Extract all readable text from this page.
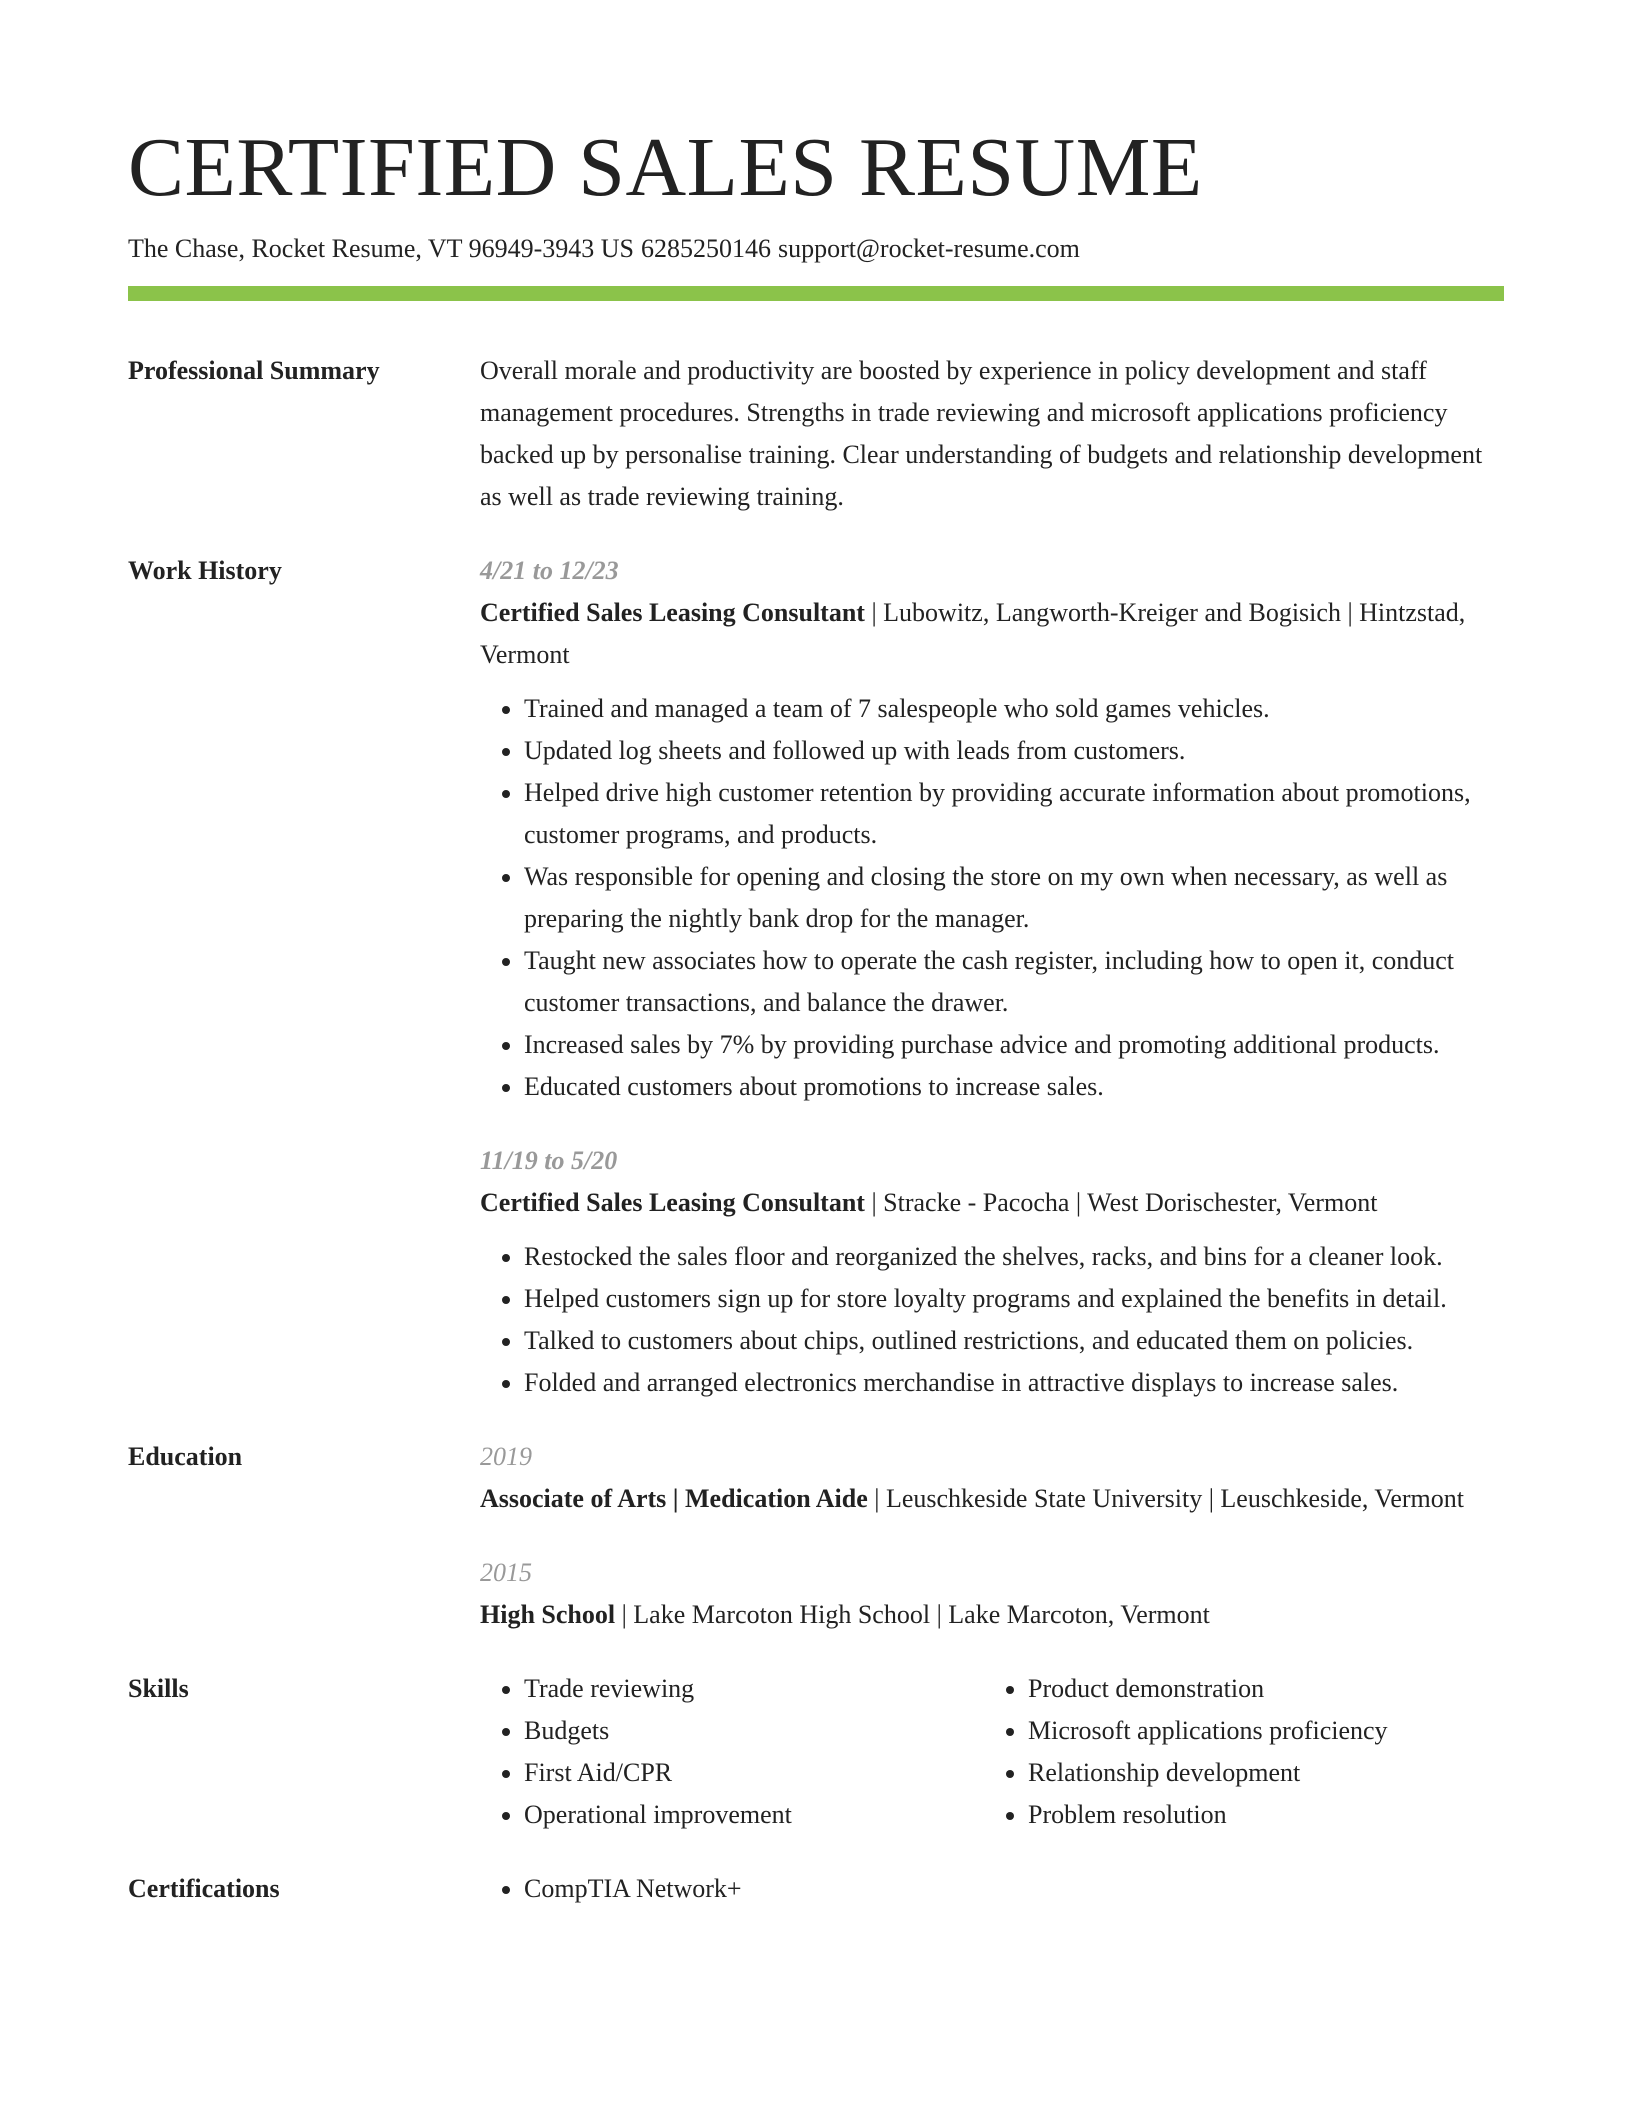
CERTIFIED SALES RESUME
The Chase, Rocket Resume, VT 96949-3943 US 6285250146 support@rocket-resume.com
Professional Summary	Overall morale and productivity are boosted by experience in policy development and staff management procedures. Strengths in trade reviewing and microsoft applications proficiency backed up by personalise training. Clear understanding of budgets and relationship development as well as trade reviewing training.

Work History	4/21 to 12/23
Certified Sales Leasing Consultant | Lubowitz, Langworth-Kreiger and Bogisich | Hintzstad, Vermont
• Trained and managed a team of 7 salespeople who sold games vehicles.
• Updated log sheets and followed up with leads from customers.
• Helped drive high customer retention by providing accurate information about promotions, customer programs, and products.
• Was responsible for opening and closing the store on my own when necessary, as well as preparing the nightly bank drop for the manager.
• Taught new associates how to operate the cash register, including how to open it, conduct customer transactions, and balance the drawer.
• Increased sales by 7% by providing purchase advice and promoting additional products.
• Educated customers about promotions to increase sales.
11/19 to 5/20
Certified Sales Leasing Consultant | Stracke - Pacocha | West Dorischester, Vermont
• Restocked the sales floor and reorganized the shelves, racks, and bins for a cleaner look.
• Helped customers sign up for store loyalty programs and explained the benefits in detail.
• Talked to customers about chips, outlined restrictions, and educated them on policies.
• Folded and arranged electronics merchandise in attractive displays to increase sales.
Education	2019
Associate of Arts | Medication Aide | Leuschkeside State University | Leuschkeside, Vermont
2015
High School | Lake Marcoton High School | Lake Marcoton, Vermont
Skills	• Trade reviewing
• Budgets
• First Aid/CPR
• Operational improvement
• Product demonstration
• Microsoft applications proficiency
• Relationship development
• Problem resolution
Certifications	• CompTIA Network+
